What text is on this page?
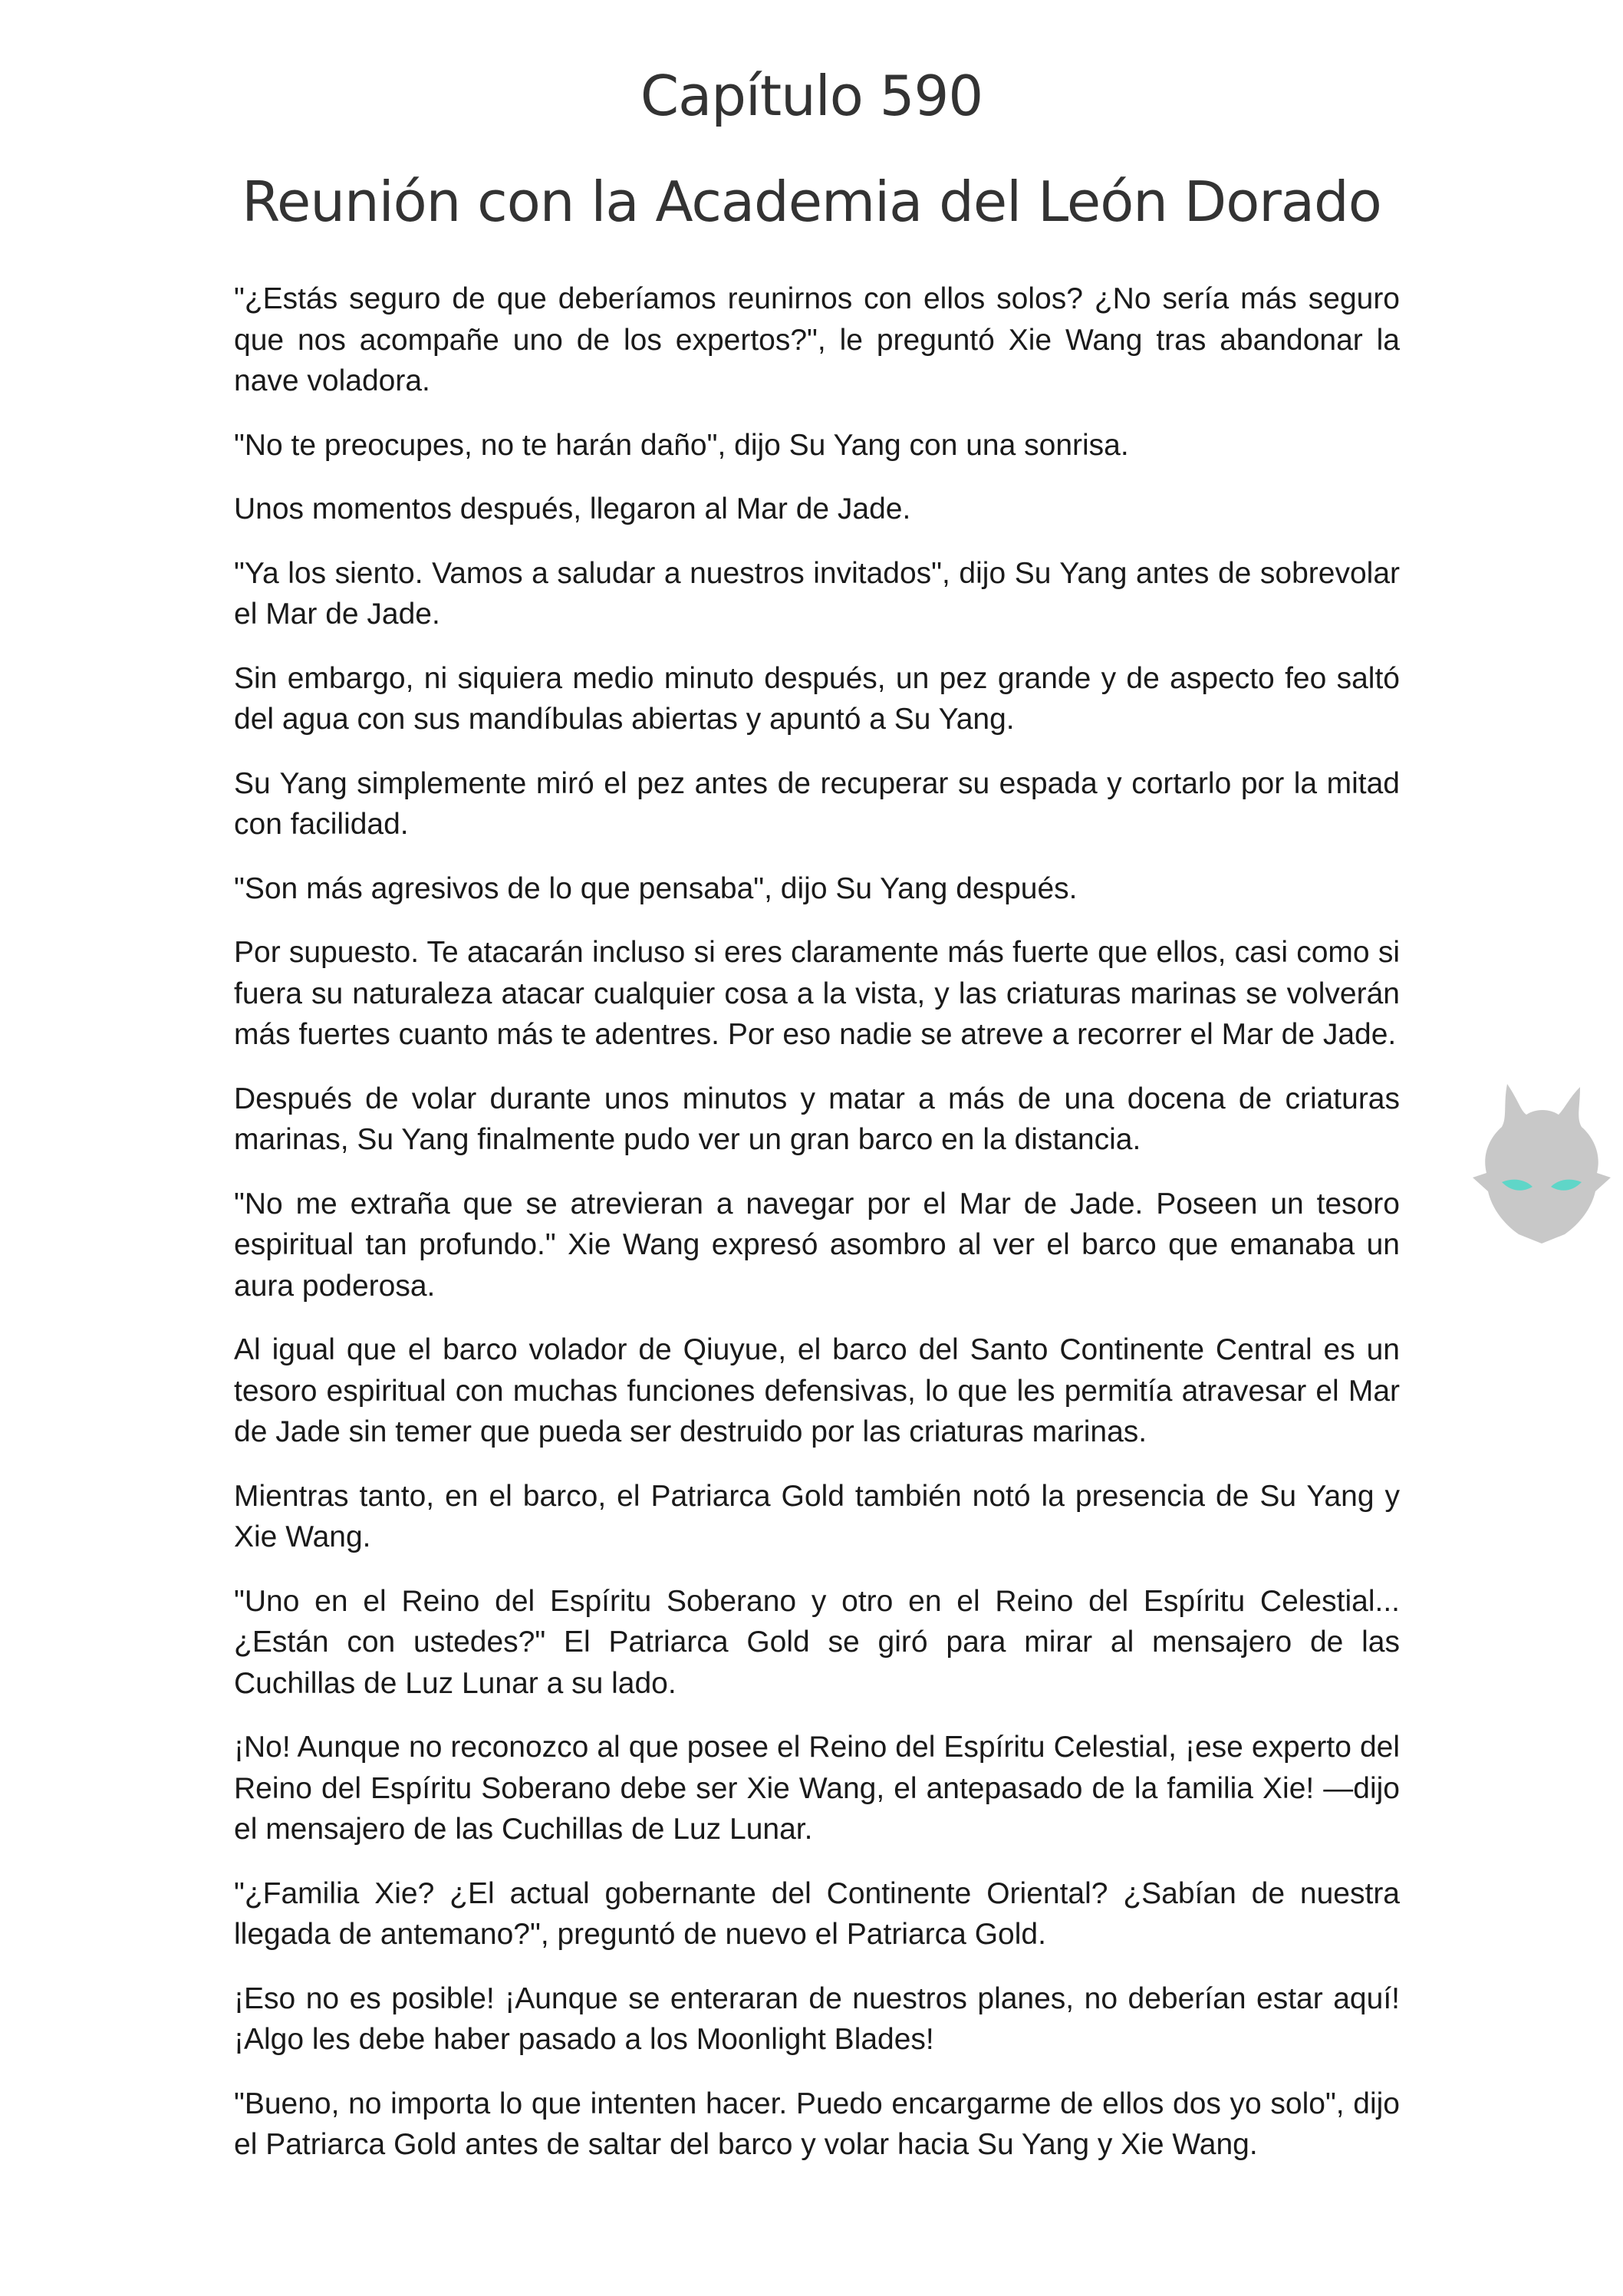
Capítulo 590
Reunión con la Academia del León Dorado

"¿Estás seguro de que deberíamos reunirnos con ellos solos? ¿No sería más seguro que nos acompañe uno de los expertos?", le preguntó Xie Wang tras abandonar la nave voladora.

"No te preocupes, no te harán daño", dijo Su Yang con una sonrisa.

Unos momentos después, llegaron al Mar de Jade.

"Ya los siento. Vamos a saludar a nuestros invitados", dijo Su Yang antes de sobrevolar el Mar de Jade.

Sin embargo, ni siquiera medio minuto después, un pez grande y de aspecto feo saltó del agua con sus mandíbulas abiertas y apuntó a Su Yang.

Su Yang simplemente miró el pez antes de recuperar su espada y cortarlo por la mitad con facilidad.

"Son más agresivos de lo que pensaba", dijo Su Yang después.

Por supuesto. Te atacarán incluso si eres claramente más fuerte que ellos, casi como si fuera su naturaleza atacar cualquier cosa a la vista, y las criaturas marinas se volverán más fuertes cuanto más te adentres. Por eso nadie se atreve a recorrer el Mar de Jade.

Después de volar durante unos minutos y matar a más de una docena de criaturas marinas, Su Yang finalmente pudo ver un gran barco en la distancia.

"No me extraña que se atrevieran a navegar por el Mar de Jade. Poseen un tesoro espiritual tan profundo." Xie Wang expresó asombro al ver el barco que emanaba un aura poderosa.

Al igual que el barco volador de Qiuyue, el barco del Santo Continente Central es un tesoro espiritual con muchas funciones defensivas, lo que les permitía atravesar el Mar de Jade sin temer que pueda ser destruido por las criaturas marinas.

Mientras tanto, en el barco, el Patriarca Gold también notó la presencia de Su Yang y Xie Wang.

"Uno en el Reino del Espíritu Soberano y otro en el Reino del Espíritu Celestial... ¿Están con ustedes?" El Patriarca Gold se giró para mirar al mensajero de las Cuchillas de Luz Lunar a su lado.

¡No! Aunque no reconozco al que posee el Reino del Espíritu Celestial, ¡ese experto del Reino del Espíritu Soberano debe ser Xie Wang, el antepasado de la familia Xie! —dijo el mensajero de las Cuchillas de Luz Lunar.

"¿Familia Xie? ¿El actual gobernante del Continente Oriental? ¿Sabían de nuestra llegada de antemano?", preguntó de nuevo el Patriarca Gold.

¡Eso no es posible! ¡Aunque se enteraran de nuestros planes, no deberían estar aquí! ¡Algo les debe haber pasado a los Moonlight Blades!

"Bueno, no importa lo que intenten hacer. Puedo encargarme de ellos dos yo solo", dijo el Patriarca Gold antes de saltar del barco y volar hacia Su Yang y Xie Wang.
